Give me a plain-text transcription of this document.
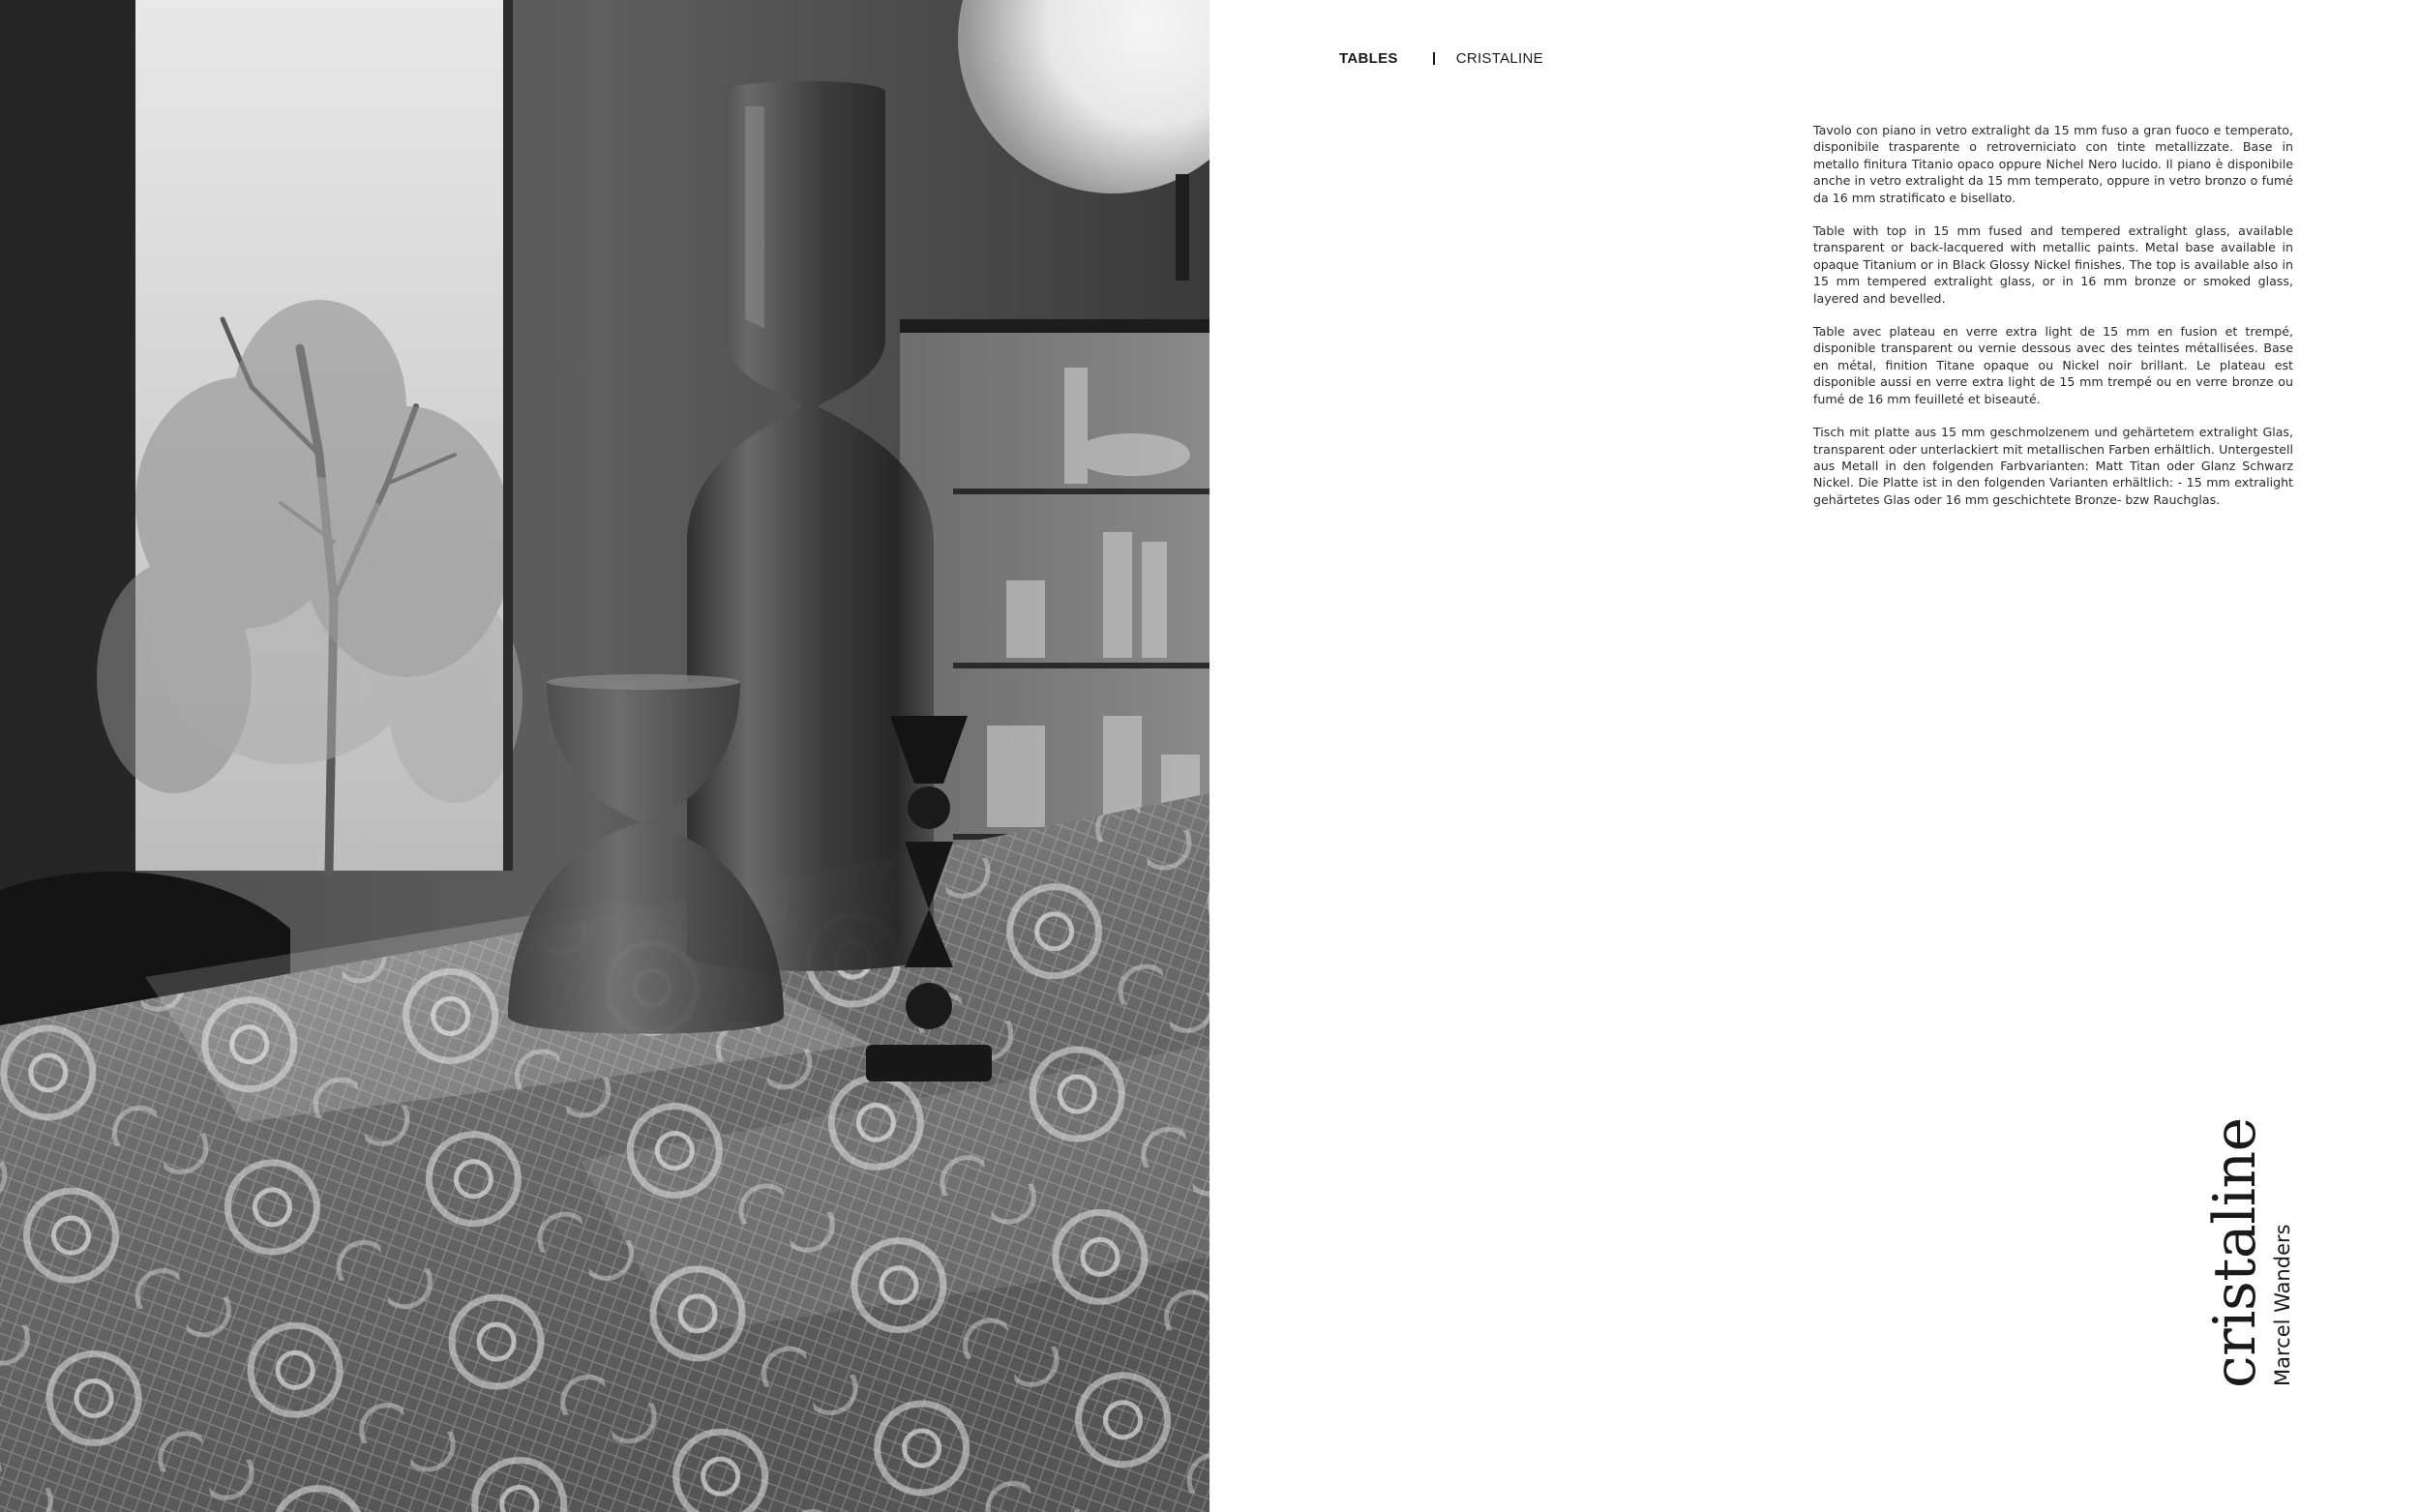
TABLES	CRISTALINE

Tavolo con piano in vetro extralight da 15 mm fuso a gran fuoco e temperato, disponibile trasparente o retroverniciato con tinte metallizzate. Base in metallo finitura Titanio opaco oppure Nichel Nero lucido. Il piano è disponibile anche in vetro extralight da 15 mm temperato, oppure in vetro bronzo o fumé da 16 mm stratificato e bisellato.

Table with top in 15 mm fused and tempered extralight glass, available transparent or back-lacquered with metallic paints. Metal base available in opaque Titanium or in Black Glossy Nickel finishes. The top is available also in 15 mm tempered extralight glass, or in 16 mm bronze or smoked glass, layered and bevelled.

Table avec plateau en verre extra light de 15 mm en fusion et trempé, disponible transparent ou vernie dessous avec des teintes métallisées. Base en métal, finition Titane opaque ou Nickel noir brillant. Le plateau est disponible aussi en verre extra light de 15 mm trempé ou en verre bronze ou fumé de 16 mm feuilleté et biseauté.

Tisch mit platte aus 15 mm geschmolzenem und gehärtetem extralight Glas, transparent oder unterlackiert mit metallischen Farben erhältlich. Untergestell aus Metall in den folgenden Farbvarianten: Matt Titan oder Glanz Schwarz Nickel. Die Platte ist in den folgenden Varianten erhältlich: - 15 mm extralight gehärtetes Glas oder 16 mm geschichtete Bronze- bzw Rauchglas.

cristaline Marcel Wanders
